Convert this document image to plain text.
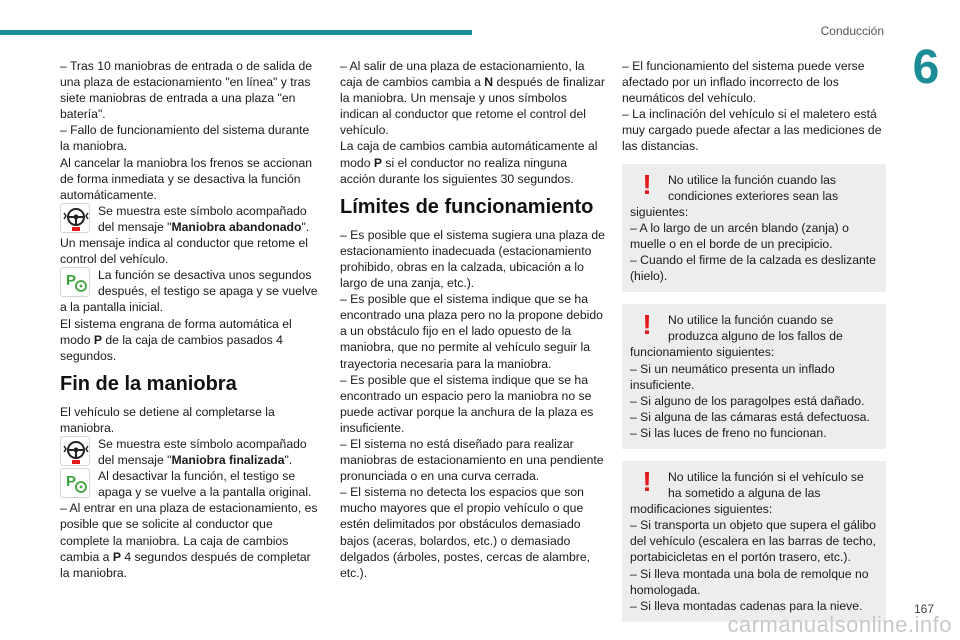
Conducción
6

– Tras 10 maniobras de entrada o de salida de una plaza de estacionamiento "en línea" y tras siete maniobras de entrada a una plaza "en batería".

– Fallo de funcionamiento del sistema durante la maniobra.

Al cancelar la maniobra los frenos se accionan de forma inmediata y se desactiva la función automáticamente.

Se muestra este símbolo acompañado del mensaje "Maniobra abandonado".

Un mensaje indica al conductor que retome el control del vehículo.

P La función se desactiva unos segundos después, el testigo se apaga y se vuelve a la pantalla inicial.

El sistema engrana de forma automática el modo P de la caja de cambios pasados 4 segundos.

Fin de la maniobra

El vehículo se detiene al completarse la maniobra.

Se muestra este símbolo acompañado del mensaje "Maniobra finalizada".
P Al desactivar la función, el testigo se apaga y se vuelve a la pantalla original.

– Al entrar en una plaza de estacionamiento, es posible que se solicite al conductor que complete la maniobra. La caja de cambios cambia a P 4 segundos después de completar la maniobra.

– Al salir de una plaza de estacionamiento, la caja de cambios cambia a N después de finalizar la maniobra. Un mensaje y unos símbolos indican al conductor que retome el control del vehículo.

La caja de cambios cambia automáticamente al modo P si el conductor no realiza ninguna acción durante los siguientes 30 segundos.

Límites de funcionamiento

– Es posible que el sistema sugiera una plaza de estacionamiento inadecuada (estacionamiento prohibido, obras en la calzada, ubicación a lo largo de una zanja, etc.).

– Es posible que el sistema indique que se ha encontrado una plaza pero no la propone debido a un obstáculo fijo en el lado opuesto de la maniobra, que no permite al vehículo seguir la trayectoria necesaria para la maniobra.

– Es posible que el sistema indique que se ha encontrado un espacio pero la maniobra no se puede activar porque la anchura de la plaza es insuficiente.

– El sistema no está diseñado para realizar maniobras de estacionamiento en una pendiente pronunciada o en una curva cerrada.

– El sistema no detecta los espacios que son mucho mayores que el propio vehículo o que estén delimitados por obstáculos demasiado bajos (aceras, bolardos, etc.) o demasiado delgados (árboles, postes, cercas de alambre, etc.).

– El funcionamiento del sistema puede verse afectado por un inflado incorrecto de los neumáticos del vehículo.

– La inclinación del vehículo si el maletero está muy cargado puede afectar a las mediciones de las distancias.

!	No utilice la función cuando las condiciones exteriores sean las siguientes:

– A lo largo de un arcén blando (zanja) o muelle o en el borde de un precipicio.

– Cuando el firme de la calzada es deslizante (hielo).

!	No utilice la función cuando se produzca alguno de los fallos de funcionamiento siguientes:

– Si un neumático presenta un inflado insuficiente.

– Si alguno de los paragolpes está dañado.

– Si alguna de las cámaras está defectuosa.

– Si las luces de freno no funcionan.

!	No utilice la función si el vehículo se ha sometido a alguna de las modificaciones siguientes:

– Si transporta un objeto que supera el gálibo del vehículo (escalera en las barras de techo, portabicicletas en el portón trasero, etc.).

– Si lleva montada una bola de remolque no homologada.

– Si lleva montadas cadenas para la nieve.	167
carmanualsonline.info
